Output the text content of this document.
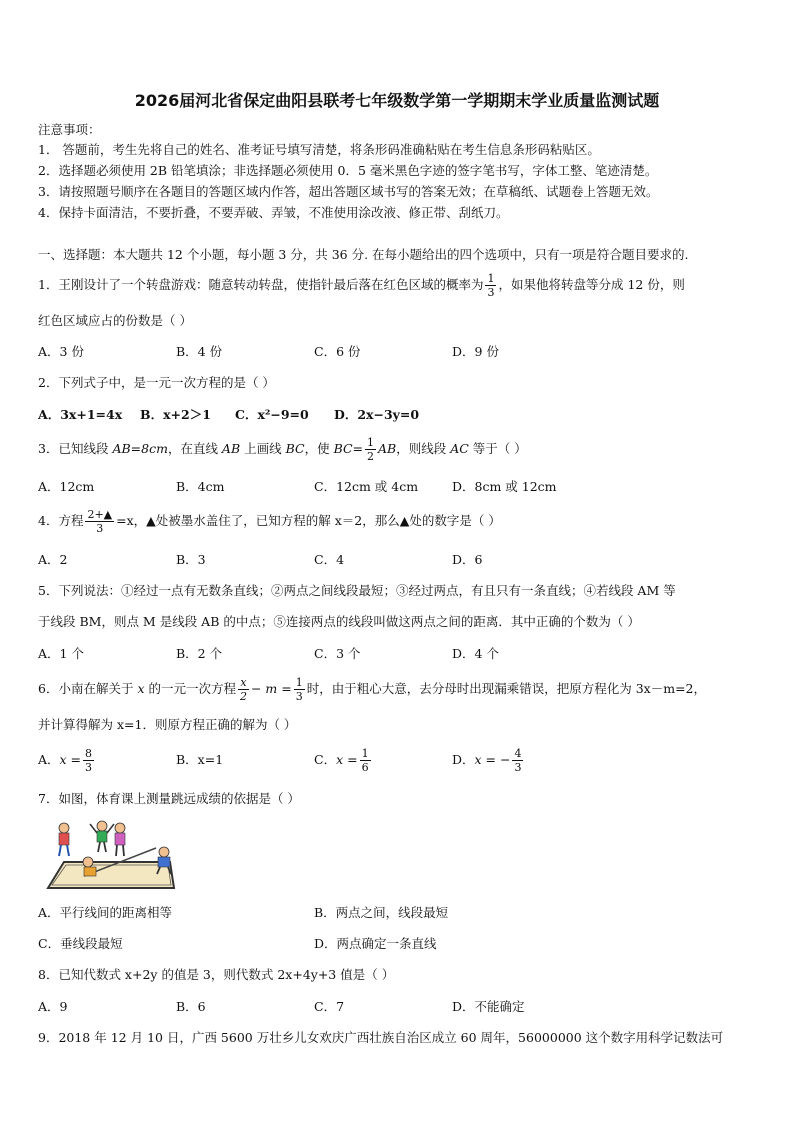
2026届河北省保定曲阳县联考七年级数学第一学期期末学业质量监测试题
注意事项：
1． 答题前，考生先将自己的姓名、准考证号填写清楚，将条形码准确粘贴在考生信息条形码粘贴区。
2．选择题必须使用 2B 铅笔填涂；非选择题必须使用 0．5 毫米黑色字迹的签字笔书写，字体工整、笔迹清楚。
3．请按照题号顺序在各题目的答题区域内作答，超出答题区域书写的答案无效；在草稿纸、试题卷上答题无效。
4．保持卡面清洁，不要折叠，不要弄破、弄皱，不准使用涂改液、修正带、刮纸刀。
一、选择题：本大题共 12 个小题，每小题 3 分，共 36 分. 在每小题给出的四个选项中，只有一项是符合题目要求的.
1．王刚设计了一个转盘游戏：随意转动转盘，使指针最后落在红色区域的概率为 $\frac{1}{3}$ ，如果他将转盘等分成 12 份，则
红色区域应占的份数是（ ）
A．3 份	B．4 份	C．6 份	D．9 份
2．下列式子中，是一元一次方程的是（ ）
A．3x+1=4x B．x+2＞1 C．x²−9=0 D．2x−3y=0
3．已知线段 AB=8cm，在直线 AB 上画线 BC，使 $BC= \frac{1}{2}$ AB，则线段 AC 等于（ ）
A．12cm	B．4cm	C．12cm 或 4cm	D．8cm 或 12cm
4．方程 $\frac{2+▲}{3} =x$，▲处被墨水盖住了，已知方程的解 x＝2，那么▲处的数字是（ ）
A．2	B．3	C．4	D．6
5．下列说法：①经过一点有无数条直线；②两点之间线段最短；③经过两点，有且只有一条直线；④若线段 AM 等
于线段 BM，则点 M 是线段 AB 的中点；⑤连接两点的线段叫做这两点之间的距离．其中正确的个数为（ ）
A．1 个	B．2 个	C．3 个	D．4 个
6．小南在解关于 x 的一元一次方程 $\frac{x}{2} - m = \frac{1}{3}$ 时，由于粗心大意，去分母时出现漏乘错误，把原方程化为 3x－m=2，
并计算得解为 x=1．则原方程正确的解为（ ）
A．$x = \frac{8}{3}$	B．x=1	C．$x = \frac{1}{6}$	D．x = − $\frac{4}{3}$
7．如图，体育课上测量跳远成绩的依据是（ ）
A．平行线间的距离相等	B．两点之间，线段最短
C．垂线段最短	D．两点确定一条直线
8．已知代数式 x+2y 的值是 3，则代数式 2x+4y+3 值是（ ）
A．9	B．6	C．7	D．不能确定
9．2018 年 12 月 10 日，广西 5600 万壮乡儿女欢庆广西壮族自治区成立 60 周年，56000000 这个数字用科学记数法可
